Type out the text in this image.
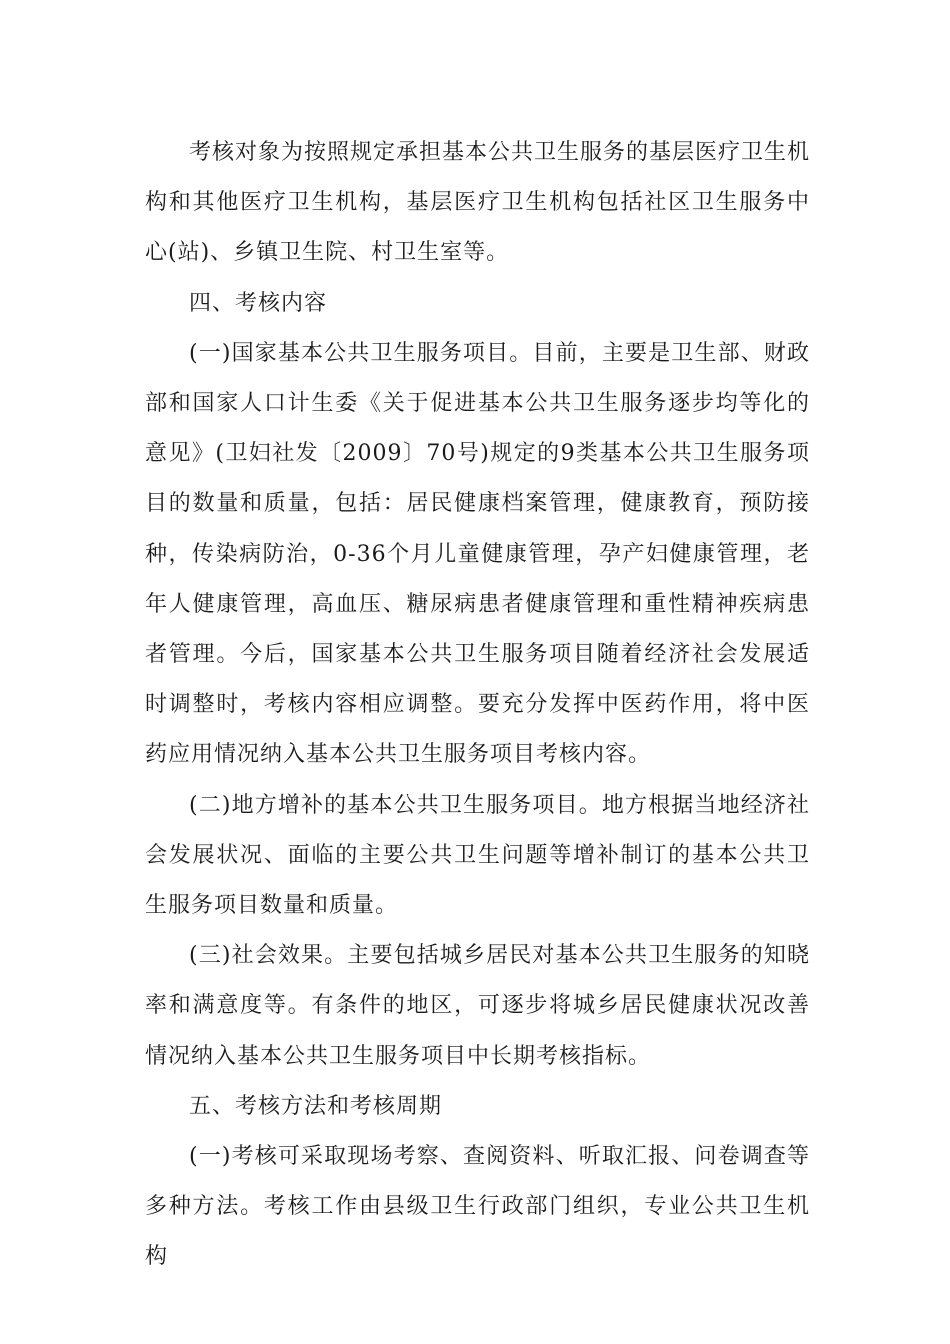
考核对象为按照规定承担基本公共卫生服务的基层医疗卫生机构和其他医疗卫生机构，基层医疗卫生机构包括社区卫生服务中心(站)、乡镇卫生院、村卫生室等。

四、考核内容

(一)国家基本公共卫生服务项目。目前，主要是卫生部、财政部和国家人口计生委《关于促进基本公共卫生服务逐步均等化的意见》(卫妇社发〔2009〕70号)规定的9类基本公共卫生服务项目的数量和质量，包括：居民健康档案管理，健康教育，预防接种，传染病防治，0-36个月儿童健康管理，孕产妇健康管理，老年人健康管理，高血压、糖尿病患者健康管理和重性精神疾病患者管理。今后，国家基本公共卫生服务项目随着经济社会发展适时调整时，考核内容相应调整。要充分发挥中医药作用，将中医药应用情况纳入基本公共卫生服务项目考核内容。

(二)地方增补的基本公共卫生服务项目。地方根据当地经济社会发展状况、面临的主要公共卫生问题等增补制订的基本公共卫生服务项目数量和质量。

(三)社会效果。主要包括城乡居民对基本公共卫生服务的知晓率和满意度等。有条件的地区，可逐步将城乡居民健康状况改善情况纳入基本公共卫生服务项目中长期考核指标。

五、考核方法和考核周期

(一)考核可采取现场考察、查阅资料、听取汇报、问卷调查等多种方法。考核工作由县级卫生行政部门组织，专业公共卫生机构
